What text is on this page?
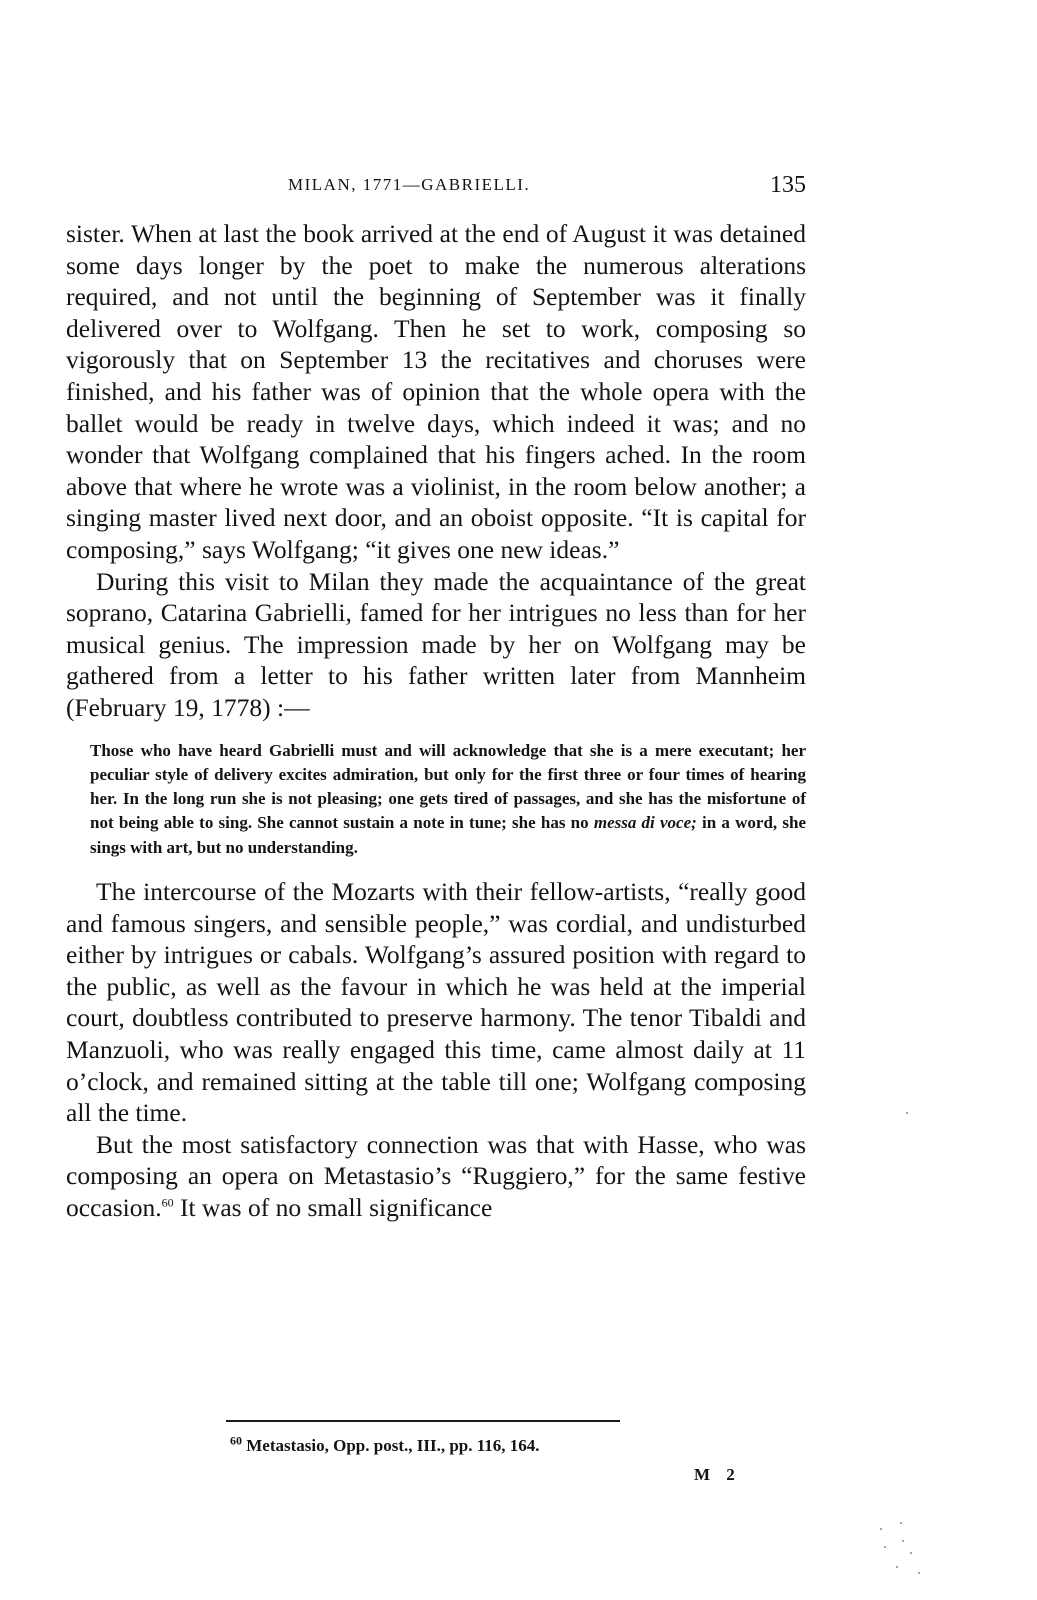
MILAN, 1771—GABRIELLI.	135

sister. When at last the book arrived at the end of August it was detained some days longer by the poet to make the numerous alterations required, and not until the beginning of September was it finally delivered over to Wolfgang. Then he set to work, composing so vigorously that on September 13 the recitatives and choruses were finished, and his father was of opinion that the whole opera with the ballet would be ready in twelve days, which indeed it was; and no wonder that Wolfgang complained that his fingers ached. In the room above that where he wrote was a violinist, in the room below another; a singing master lived next door, and an oboist opposite. “It is capital for composing,” says Wolfgang; “it gives one new ideas.”

During this visit to Milan they made the acquaintance of the great soprano, Catarina Gabrielli, famed for her intrigues no less than for her musical genius. The impression made by her on Wolfgang may be gathered from a letter to his father written later from Mannheim (February 19, 1778) :—

Those who have heard Gabrielli must and will acknowledge that she is a mere executant; her peculiar style of delivery excites admiration, but only for the first three or four times of hearing her. In the long run she is not pleasing; one gets tired of passages, and she has the misfortune of not being able to sing. She cannot sustain a note in tune; she has no messa di voce; in a word, she sings with art, but no understanding.

The intercourse of the Mozarts with their fellow-artists, “really good and famous singers, and sensible people,” was cordial, and undisturbed either by intrigues or cabals. Wolfgang’s assured position with regard to the public, as well as the favour in which he was held at the imperial court, doubtless contributed to preserve harmony. The tenor Tibaldi and Manzuoli, who was really engaged this time, came almost daily at 11 o’clock, and remained sitting at the table till one; Wolfgang composing all the time.

But the most satisfactory connection was that with Hasse, who was composing an opera on Metastasio’s “Ruggiero,” for the same festive occasion.$^{60}$ It was of no small significance

$^{60}$ Metastasio, Opp. post., III., pp. 116, 164.
M 2
